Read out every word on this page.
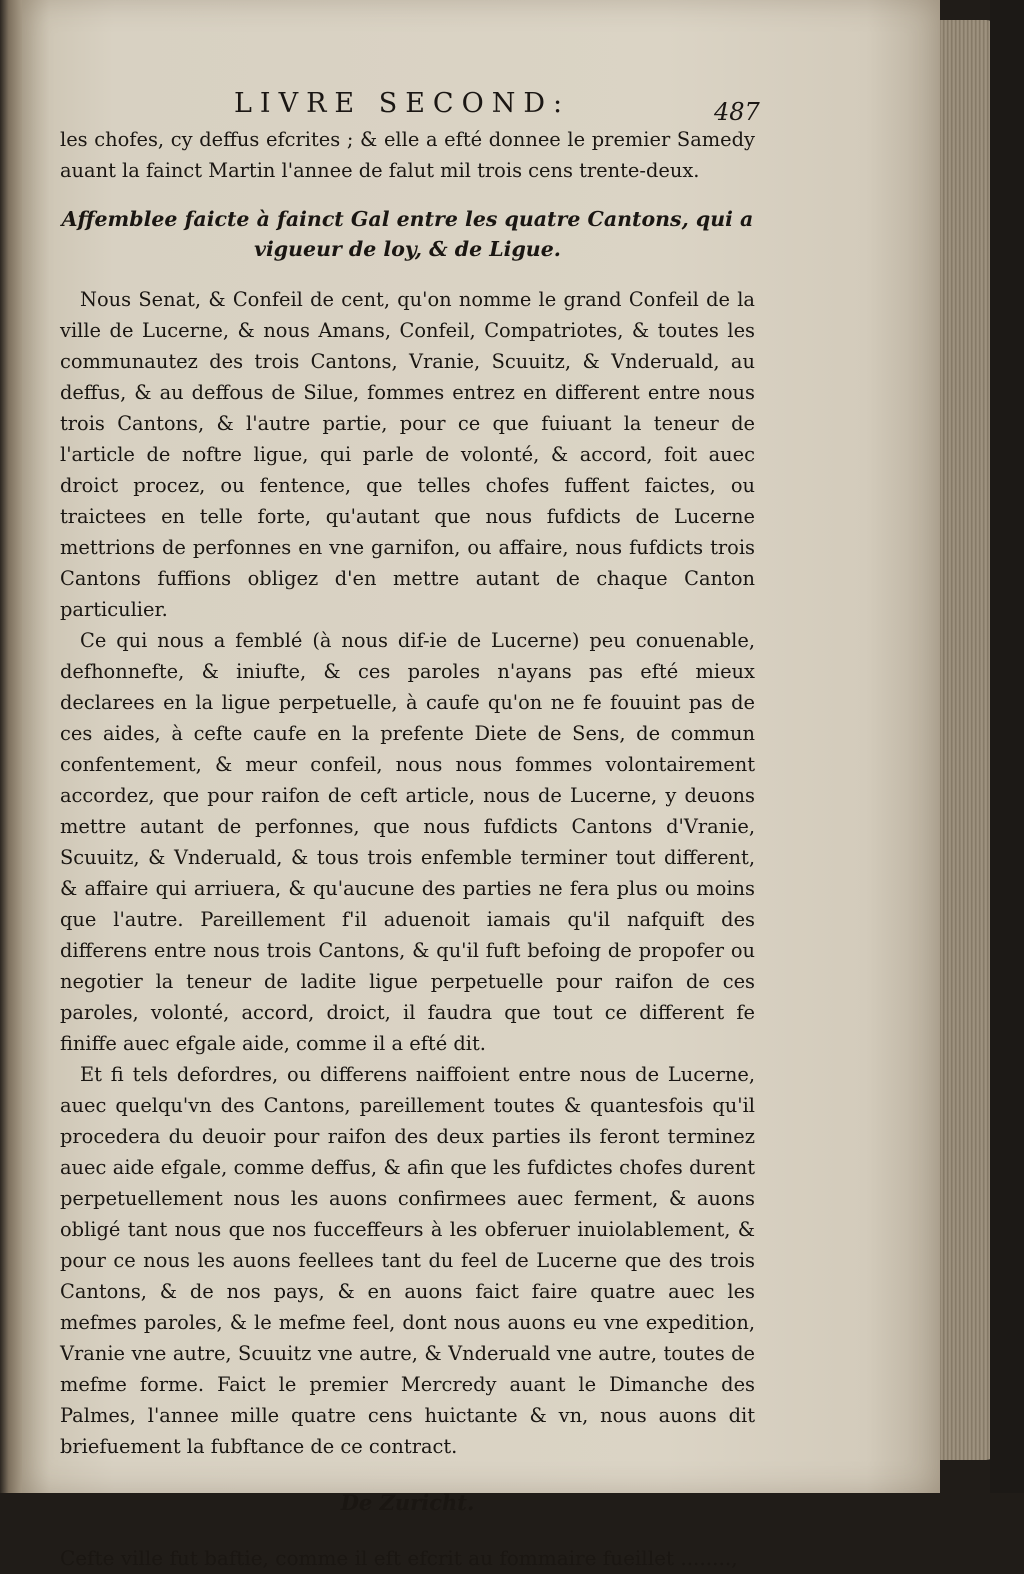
LIVRE SECOND:	487

les chofes, cy deffus efcrites ; & elle a efté donnee le premier Samedy auant la fainct Martin l'annee de falut mil trois cens trente-deux.

Affemblee faicte à fainct Gal entre les quatre Cantons, qui a vigueur de loy, & de Ligue.

Nous Senat, & Confeil de cent, qu'on nomme le grand Confeil de la ville de Lucerne, & nous Amans, Confeil, Compatriotes, & toutes les communautez des trois Cantons, Vranie, Scuuitz, & Vnderuald, au deffus, & au deffous de Silue, fommes entrez en different entre nous trois Cantons, & l'autre partie, pour ce que fuiuant la teneur de l'article de noftre ligue, qui parle de volonté, & accord, foit auec droict procez, ou fentence, que telles chofes fuffent faictes, ou traictees en telle forte, qu'autant que nous fufdicts de Lucerne mettrions de perfonnes en vne garnifon, ou affaire, nous fufdicts trois Cantons fuffions obligez d'en mettre autant de chaque Canton particulier.

Ce qui nous a femblé (à nous dif-ie de Lucerne) peu conuenable, defhonnefte, & iniufte, & ces paroles n'ayans pas efté mieux declarees en la ligue perpetuelle, à caufe qu'on ne fe fouuint pas de ces aides, à cefte caufe en la prefente Diete de Sens, de commun confentement, & meur confeil, nous nous fommes volontairement accordez, que pour raifon de ceft article, nous de Lucerne, y deuons mettre autant de perfonnes, que nous fufdicts Cantons d'Vranie, Scuuitz, & Vnderuald, & tous trois enfemble terminer tout different, & affaire qui arriuera, & qu'aucune des parties ne fera plus ou moins que l'autre. Pareillement f'il aduenoit iamais qu'il nafquift des differens entre nous trois Cantons, & qu'il fuft befoing de propofer ou negotier la teneur de ladite ligue perpetuelle pour raifon de ces paroles, volonté, accord, droict, il faudra que tout ce different fe finiffe auec efgale aide, comme il a efté dit.

Et fi tels defordres, ou differens naiffoient entre nous de Lucerne, auec quelqu'vn des Cantons, pareillement toutes & quantesfois qu'il procedera du deuoir pour raifon des deux parties ils feront terminez auec aide efgale, comme deffus, & afin que les fufdictes chofes durent perpetuellement nous les auons confirmees auec ferment, & auons obligé tant nous que nos fucceffeurs à les obferuer inuiolablement, & pour ce nous les auons feellees tant du feel de Lucerne que des trois Cantons, & de nos pays, & en auons faict faire quatre auec les mefmes paroles, & le mefme feel, dont nous auons eu vne expedition, Vranie vne autre, Scuuitz vne autre, & Vnderuald vne autre, toutes de mefme forme. Faict le premier Mercredy auant le Dimanche des Palmes, l'annee mille quatre cens huictante & vn, nous auons dit briefuement la fubftance de ce contract.

De Zuricht.

Cefte ville fut baftie, comme il eft efcrit au fommaire fueillet ........,
